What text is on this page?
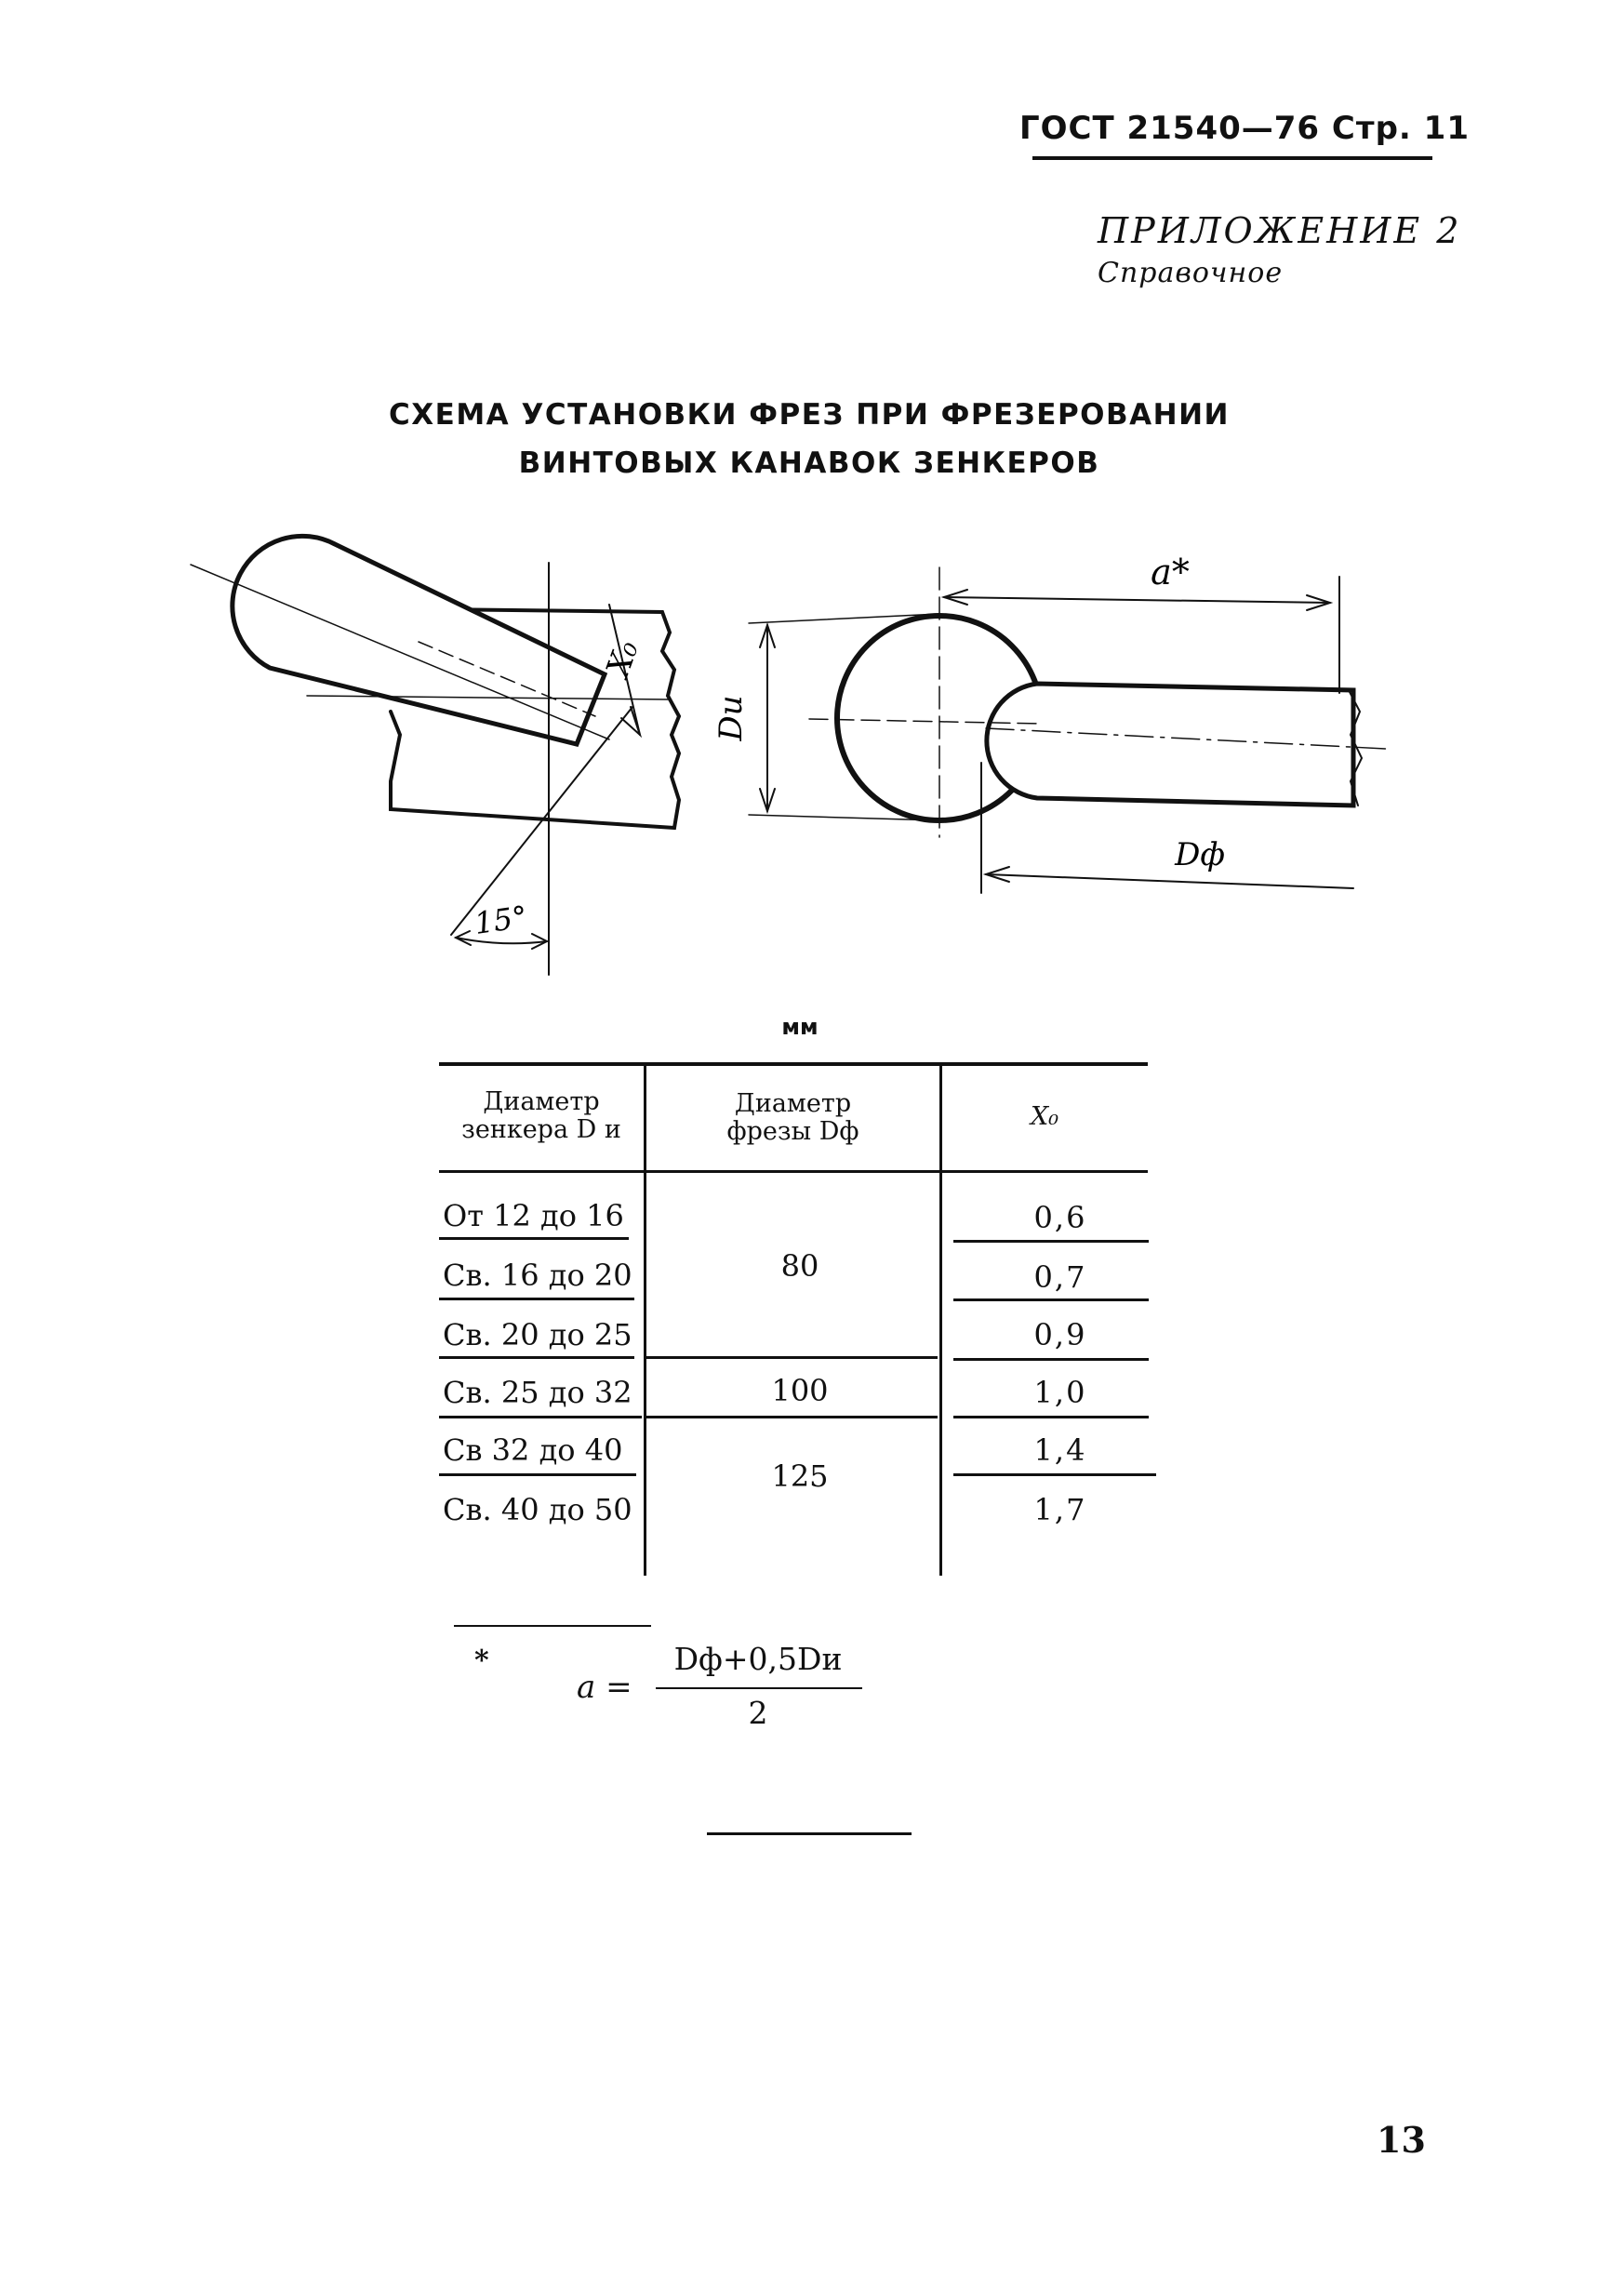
ГОСТ 21540—76 Стр. 11
ПРИЛОЖЕНИЕ 2
Справочное
СХЕМА УСТАНОВКИ ФРЕЗ ПРИ ФРЕЗЕРОВАНИИ
ВИНТОВЫХ КАНАВОК ЗЕНКЕРОВ
X₀
15°
a*
Dи
Dф
мм
Диаметр
зенкера D и
Диаметр
фрезы Dф
X₀
От 12 до 16
Св. 16 до 20
Св. 20 до 25
Св. 25 до 32
Св 32 до 40
Св. 40 до 50
80
100
125
0,6
0,7
0,9
1,0
1,4
1,7
*
a =
Dф+0,5Dи
2
13
